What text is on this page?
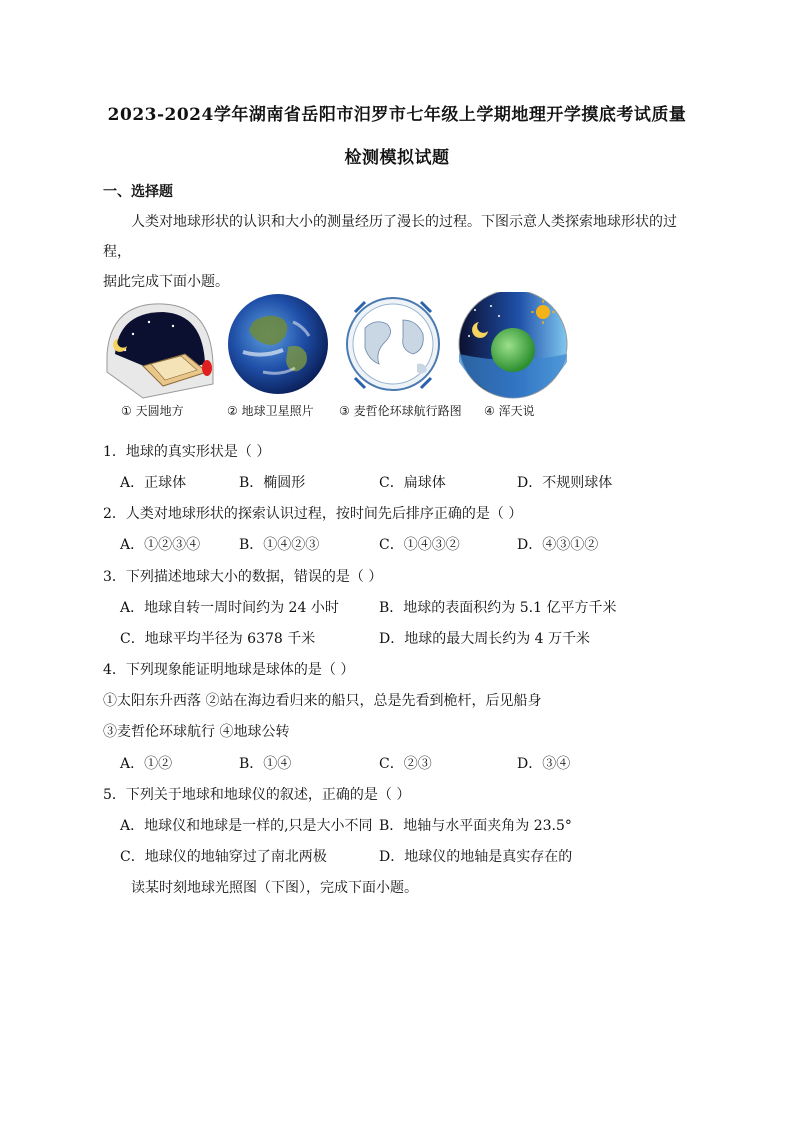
2023-2024学年湖南省岳阳市汨罗市七年级上学期地理开学摸底考试质量
检测模拟试题
一、选择题
人类对地球形状的认识和大小的测量经历了漫长的过程。下图示意人类探索地球形状的过程，
据此完成下面小题。
① 天圆地方	② 地球卫星照片 ③ 麦哲伦环球航行路图 ④ 浑天说
1．地球的真实形状是（ ）
A．正球体	B．椭圆形	C．扁球体	D．不规则球体
2．人类对地球形状的探索认识过程，按时间先后排序正确的是（ ）
A．①②③④	B．①④②③	C．①④③②	D．④③①②
3．下列描述地球大小的数据，错误的是（ ）
A．地球自转一周时间约为 24 小时	B．地球的表面积约为 5.1 亿平方千米
C．地球平均半径为 6378 千米	D．地球的最大周长约为 4 万千米
4．下列现象能证明地球是球体的是（ ）
①太阳东升西落 ②站在海边看归来的船只，总是先看到桅杆，后见船身
③麦哲伦环球航行 ④地球公转
A．①②	B．①④	C．②③	D．③④
5．下列关于地球和地球仪的叙述，正确的是（ ）
A．地球仪和地球是一样的,只是大小不同 B．地轴与水平面夹角为 23.5°
C．地球仪的地轴穿过了南北两极	D．地球仪的地轴是真实存在的
读某时刻地球光照图（下图），完成下面小题。
